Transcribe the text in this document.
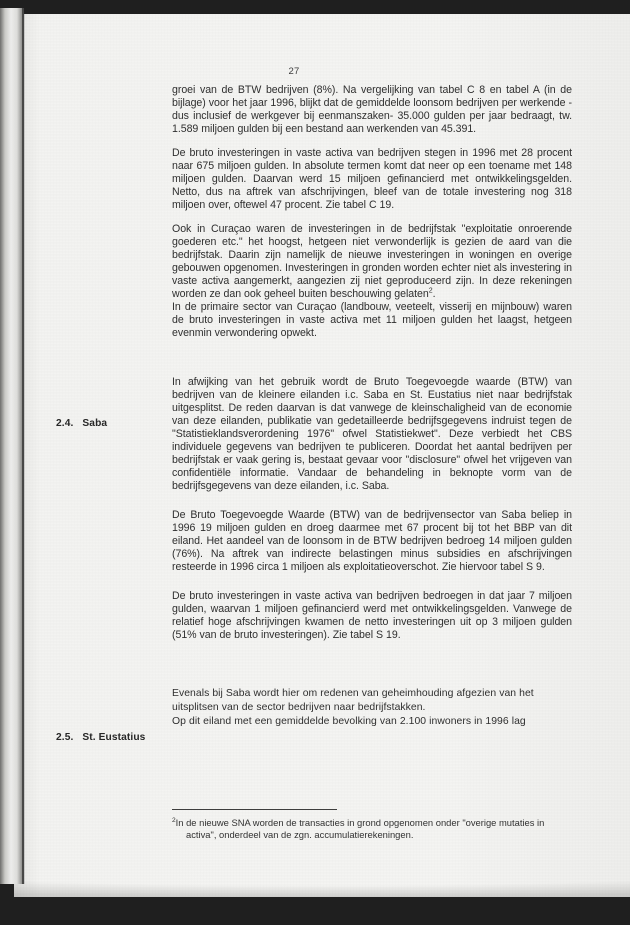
27
2.4. Saba
2.5. St. Eustatius

groei van de BTW bedrijven (8%). Na vergelijking van tabel C 8 en tabel A (in de bijlage) voor het jaar 1996, blijkt dat de gemiddelde loonsom bedrijven per werkende -dus inclusief de werkgever bij eenmanszaken- 35.000 gulden per jaar bedraagt, tw. 1.589 miljoen gulden bij een bestand aan werkenden van 45.391.

De bruto investeringen in vaste activa van bedrijven stegen in 1996 met 28 procent naar 675 miljoen gulden. In absolute termen komt dat neer op een toename met 148 miljoen gulden. Daarvan werd 15 miljoen gefinancierd met ontwikkelingsgelden. Netto, dus na aftrek van afschrijvingen, bleef van de totale investering nog 318 miljoen over, oftewel 47 procent. Zie tabel C 19.

Ook in Curaçao waren de investeringen in de bedrijfstak "exploitatie onroerende goederen etc." het hoogst, hetgeen niet verwonderlijk is gezien de aard van die bedrijfstak. Daarin zijn namelijk de nieuwe investeringen in woningen en overige gebouwen opgenomen. Investeringen in gronden worden echter niet als investering in vaste activa aangemerkt, aangezien zij niet geproduceerd zijn. In deze rekeningen worden ze dan ook geheel buiten beschouwing gelaten$^2$.

In de primaire sector van Curaçao (landbouw, veeteelt, visserij en mijnbouw) waren de bruto investeringen in vaste activa met 11 miljoen gulden het laagst, hetgeen evenmin verwondering opwekt.

In afwijking van het gebruik wordt de Bruto Toegevoegde waarde (BTW) van bedrijven van de kleinere eilanden i.c. Saba en St. Eustatius niet naar bedrijfstak uitgesplitst. De reden daarvan is dat vanwege de kleinschaligheid van de economie van deze eilanden, publikatie van gedetailleerde bedrijfsgegevens indruist tegen de "Statistieklandsverordening 1976" ofwel Statistiekwet". Deze verbiedt het CBS individuele gegevens van bedrijven te publiceren. Doordat het aantal bedrijven per bedrijfstak er vaak gering is, bestaat gevaar voor "disclosure" ofwel het vrijgeven van confidentiële informatie. Vandaar de behandeling in beknopte vorm van de bedrijfsgegevens van deze eilanden, i.c. Saba.

De Bruto Toegevoegde Waarde (BTW) van de bedrijvensector van Saba beliep in 1996 19 miljoen gulden en droeg daarmee met 67 procent bij tot het BBP van dit eiland. Het aandeel van de loonsom in de BTW bedrijven bedroeg 14 miljoen gulden (76%). Na aftrek van indirecte belastingen minus subsidies en afschrijvingen resteerde in 1996 circa 1 miljoen als exploitatieoverschot. Zie hiervoor tabel S 9.

De bruto investeringen in vaste activa van bedrijven bedroegen in dat jaar 7 miljoen gulden, waarvan 1 miljoen gefinancierd werd met ontwikkelingsgelden. Vanwege de relatief hoge afschrijvingen kwamen de netto investeringen uit op 3 miljoen gulden (51% van de bruto investeringen). Zie tabel S 19.

Evenals bij Saba wordt hier om redenen van geheimhouding afgezien van het uitsplitsen van de sector bedrijven naar bedrijfstakken.

Op dit eiland met een gemiddelde bevolking van 2.100 inwoners in 1996 lag

$^2$In de nieuwe SNA worden de transacties in grond opgenomen onder "overige mutaties in activa", onderdeel van de zgn. accumulatierekeningen.
